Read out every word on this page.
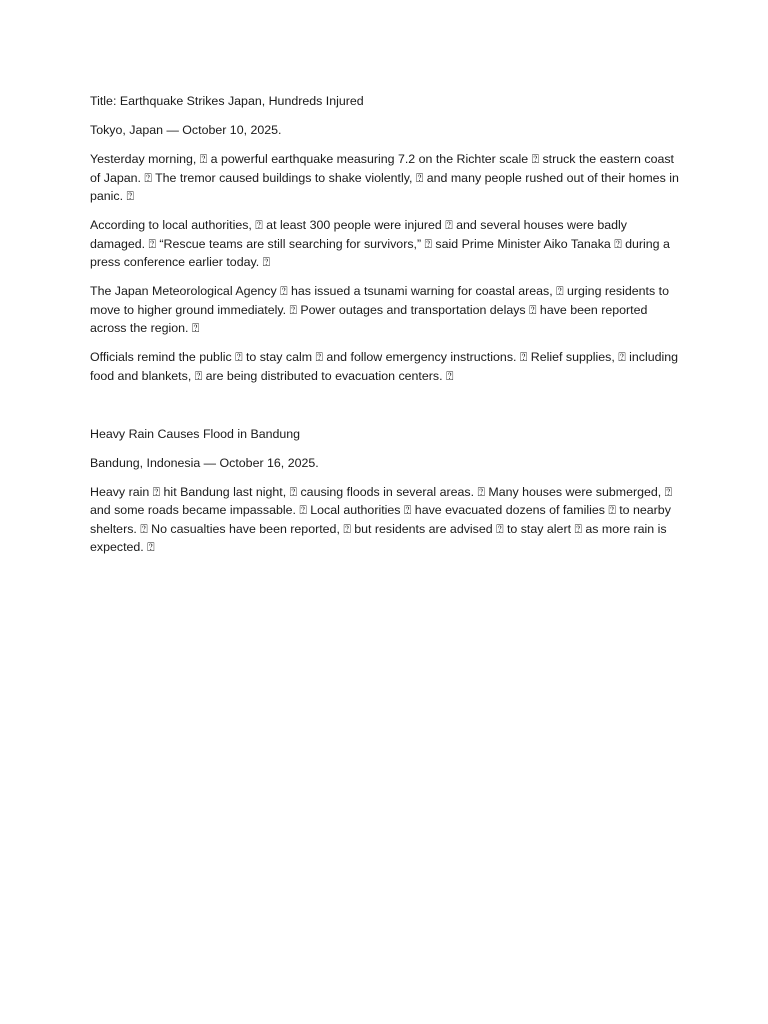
Title: Earthquake Strikes Japan, Hundreds Injured

Tokyo, Japan — October 10, 2025.

Yesterday morning, ⍰ a powerful earthquake measuring 7.2 on the Richter scale ⍰ struck the eastern coast of Japan. ⍰ The tremor caused buildings to shake violently, ⍰ and many people rushed out of their homes in panic. ⍰

According to local authorities, ⍰ at least 300 people were injured ⍰ and several houses were badly damaged. ⍰ “Rescue teams are still searching for survivors,” ⍰ said Prime Minister Aiko Tanaka ⍰ during a press conference earlier today. ⍰

The Japan Meteorological Agency ⍰ has issued a tsunami warning for coastal areas, ⍰ urging residents to move to higher ground immediately. ⍰ Power outages and transportation delays ⍰ have been reported across the region. ⍰

Officials remind the public ⍰ to stay calm ⍰ and follow emergency instructions. ⍰ Relief supplies, ⍰ including food and blankets, ⍰ are being distributed to evacuation centers. ⍰

Heavy Rain Causes Flood in Bandung

Bandung, Indonesia — October 16, 2025.

Heavy rain ⍰ hit Bandung last night, ⍰ causing floods in several areas. ⍰ Many houses were submerged, ⍰ and some roads became impassable. ⍰ Local authorities ⍰ have evacuated dozens of families ⍰ to nearby shelters. ⍰ No casualties have been reported, ⍰ but residents are advised ⍰ to stay alert ⍰ as more rain is expected. ⍰
